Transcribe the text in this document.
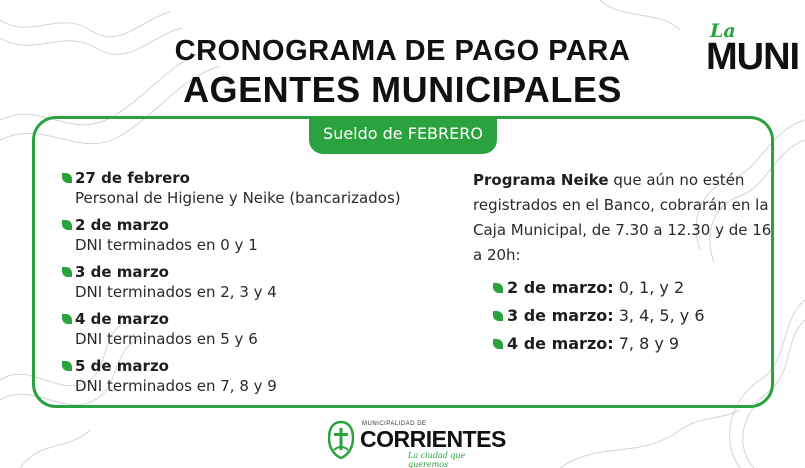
CRONOGRAMA DE PAGO PARA
AGENTES MUNICIPALES
La
MUNI
Sueldo de FEBRERO
27 de febrero
Personal de Higiene y Neike (bancarizados)
2 de marzo
DNI terminados en 0 y 1
3 de marzo
DNI terminados en 2, 3 y 4
4 de marzo
DNI terminados en 5 y 6
5 de marzo
DNI terminados en 7, 8 y 9

Programa Neike que aún no estén registrados en el Banco, cobrarán en la Caja Municipal, de 7.30 a 12.30 y de 16 a 20h:

2 de marzo: 0, 1, y 2
3 de marzo: 3, 4, 5, y 6
4 de marzo: 7, 8 y 9
MUNICIPALIDAD DE
CORRIENTES
La ciudad que queremos
